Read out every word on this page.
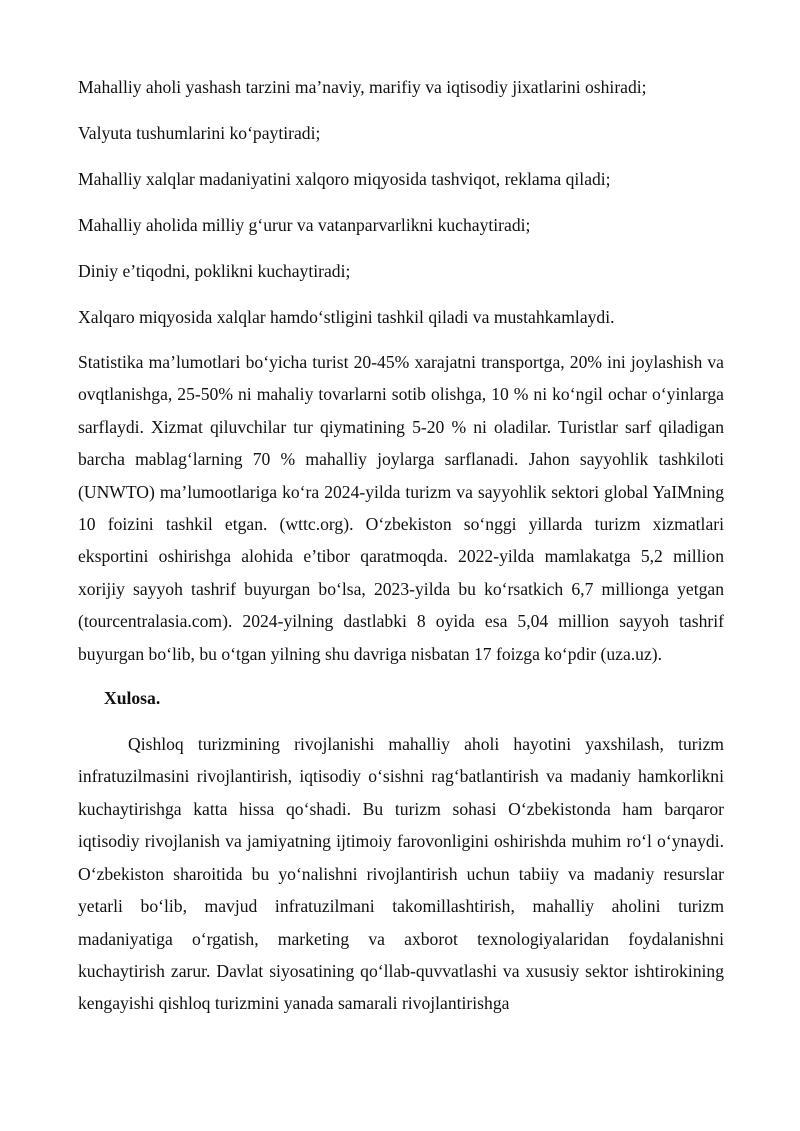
Mahalliy aholi yashash tarzini ma’naviy, marifiy va iqtisodiy jixatlarini oshiradi;

Valyuta tushumlarini ko‘paytiradi;

Mahalliy xalqlar madaniyatini xalqoro miqyosida tashviqot, reklama qiladi;

Mahalliy aholida milliy g‘urur va vatanparvarlikni kuchaytiradi;

Diniy e’tiqodni, poklikni kuchaytiradi;

Xalqaro miqyosida xalqlar hamdo‘stligini tashkil qiladi va mustahkamlaydi.

Statistika ma’lumotlari bo‘yicha turist 20-45% xarajatni transportga, 20% ini joylashish va ovqtlanishga, 25-50% ni mahaliy tovarlarni sotib olishga, 10 % ni ko‘ngil ochar o‘yinlarga sarflaydi. Xizmat qiluvchilar tur qiymatining 5-20 % ni oladilar. Turistlar sarf qiladigan barcha mablag‘larning 70 % mahalliy joylarga sarflanadi. Jahon sayyohlik tashkiloti (UNWTO) ma’lumootlariga ko‘ra 2024-yilda turizm va sayyohlik sektori global YaIMning 10 foizini tashkil etgan. (wttc.org). O‘zbekiston so‘nggi yillarda turizm xizmatlari eksportini oshirishga alohida e’tibor qaratmoqda. 2022-yilda mamlakatga 5,2 million xorijiy sayyoh tashrif buyurgan bo‘lsa, 2023-yilda bu ko‘rsatkich 6,7 millionga yetgan (tourcentralasia.com). 2024-yilning dastlabki 8 oyida esa 5,04 million sayyoh tashrif buyurgan bo‘lib, bu o‘tgan yilning shu davriga nisbatan 17 foizga ko‘pdir (uza.uz).

Xulosa.

Qishloq turizmining rivojlanishi mahalliy aholi hayotini yaxshilash, turizm infratuzilmasini rivojlantirish, iqtisodiy o‘sishni rag‘batlantirish va madaniy hamkorlikni kuchaytirishga katta hissa qo‘shadi. Bu turizm sohasi O‘zbekistonda ham barqaror iqtisodiy rivojlanish va jamiyatning ijtimoiy farovonligini oshirishda muhim ro‘l o‘ynaydi. O‘zbekiston sharoitida bu yo‘nalishni rivojlantirish uchun tabiiy va madaniy resurslar yetarli bo‘lib, mavjud infratuzilmani takomillashtirish, mahalliy aholini turizm madaniyatiga o‘rgatish, marketing va axborot texnologiyalaridan foydalanishni kuchaytirish zarur. Davlat siyosatining qo‘llab-quvvatlashi va xususiy sektor ishtirokining kengayishi qishloq turizmini yanada samarali rivojlantirishga
